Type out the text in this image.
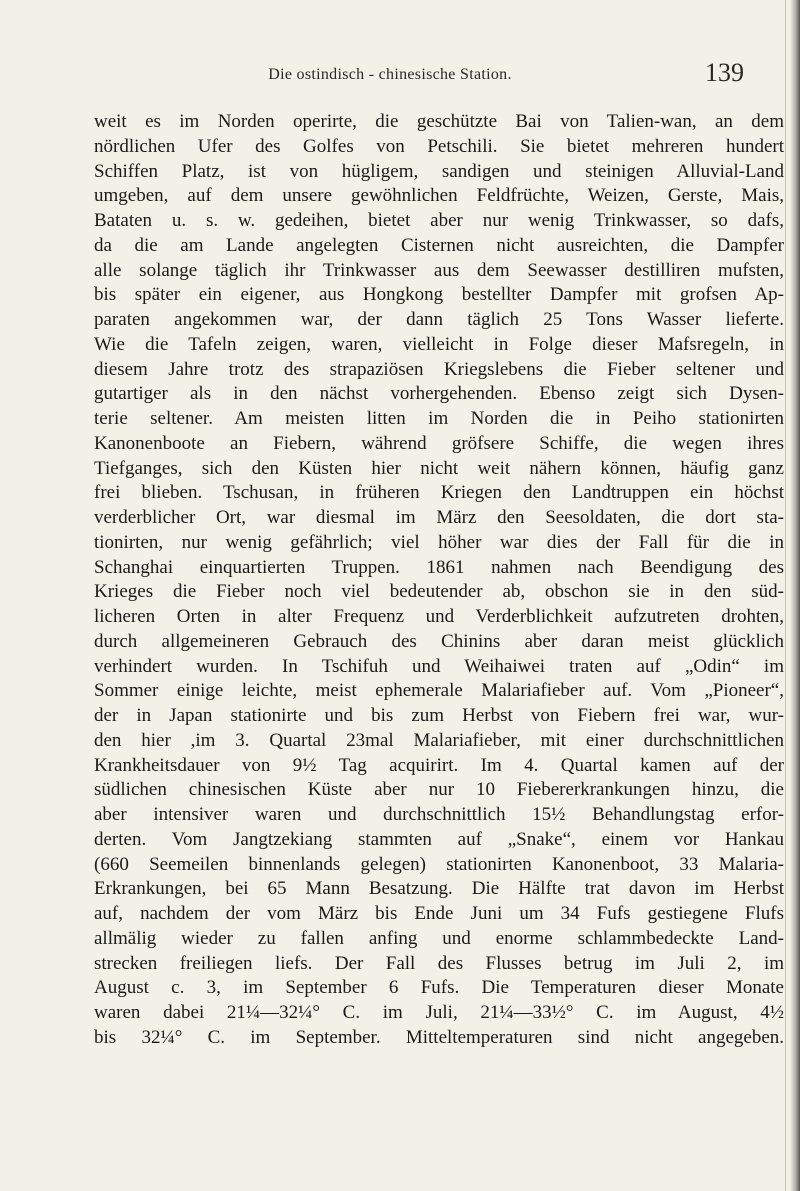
Die ostindisch - chinesische Station.	139
weit es im Norden operirte, die geschützte Bai von Talien-wan, an dem
nördlichen Ufer des Golfes von Petschili. Sie bietet mehreren hundert
Schiffen Platz, ist von hügligem, sandigen und steinigen Alluvial-Land
umgeben, auf dem unsere gewöhnlichen Feldfrüchte, Weizen, Gerste, Mais,
Bataten u. s. w. gedeihen, bietet aber nur wenig Trinkwasser, so dafs,
da die am Lande angelegten Cisternen nicht ausreichten, die Dampfer
alle solange täglich ihr Trinkwasser aus dem Seewasser destilliren mufsten,
bis später ein eigener, aus Hongkong bestellter Dampfer mit grofsen Ap-
paraten angekommen war, der dann täglich 25 Tons Wasser lieferte.
Wie die Tafeln zeigen, waren, vielleicht in Folge dieser Mafsregeln, in
diesem Jahre trotz des strapaziösen Kriegslebens die Fieber seltener und
gutartiger als in den nächst vorhergehenden. Ebenso zeigt sich Dysen-
terie seltener. Am meisten litten im Norden die in Peiho stationirten
Kanonenboote an Fiebern, während gröfsere Schiffe, die wegen ihres
Tiefganges, sich den Küsten hier nicht weit nähern können, häufig ganz
frei blieben. Tschusan, in früheren Kriegen den Landtruppen ein höchst
verderblicher Ort, war diesmal im März den Seesoldaten, die dort sta-
tionirten, nur wenig gefährlich; viel höher war dies der Fall für die in
Schanghai einquartierten Truppen. 1861 nahmen nach Beendigung des
Krieges die Fieber noch viel bedeutender ab, obschon sie in den süd-
licheren Orten in alter Frequenz und Verderblichkeit aufzutreten drohten,
durch allgemeineren Gebrauch des Chinins aber daran meist glücklich
verhindert wurden. In Tschifuh und Weihaiwei traten auf „Odin“ im
Sommer einige leichte, meist ephemerale Malariafieber auf. Vom „Pioneer“,
der in Japan stationirte und bis zum Herbst von Fiebern frei war, wur-
den hier ,im 3. Quartal 23mal Malariafieber, mit einer durchschnittlichen
Krankheitsdauer von 9½ Tag acquirirt. Im 4. Quartal kamen auf der
südlichen chinesischen Küste aber nur 10 Fiebererkrankungen hinzu, die
aber intensiver waren und durchschnittlich 15½ Behandlungstag erfor-
derten. Vom Jangtzekiang stammten auf „Snake“, einem vor Hankau
(660 Seemeilen binnenlands gelegen) stationirten Kanonenboot, 33 Malaria-
Erkrankungen, bei 65 Mann Besatzung. Die Hälfte trat davon im Herbst
auf, nachdem der vom März bis Ende Juni um 34 Fufs gestiegene Flufs
allmälig wieder zu fallen anfing und enorme schlammbedeckte Land-
strecken freiliegen liefs. Der Fall des Flusses betrug im Juli 2, im
August c. 3, im September 6 Fufs. Die Temperaturen dieser Monate
waren dabei 21¼—32¼° C. im Juli, 21¼—33½° C. im August, 4½
bis 32¼° C. im September. Mitteltemperaturen sind nicht angegeben.
